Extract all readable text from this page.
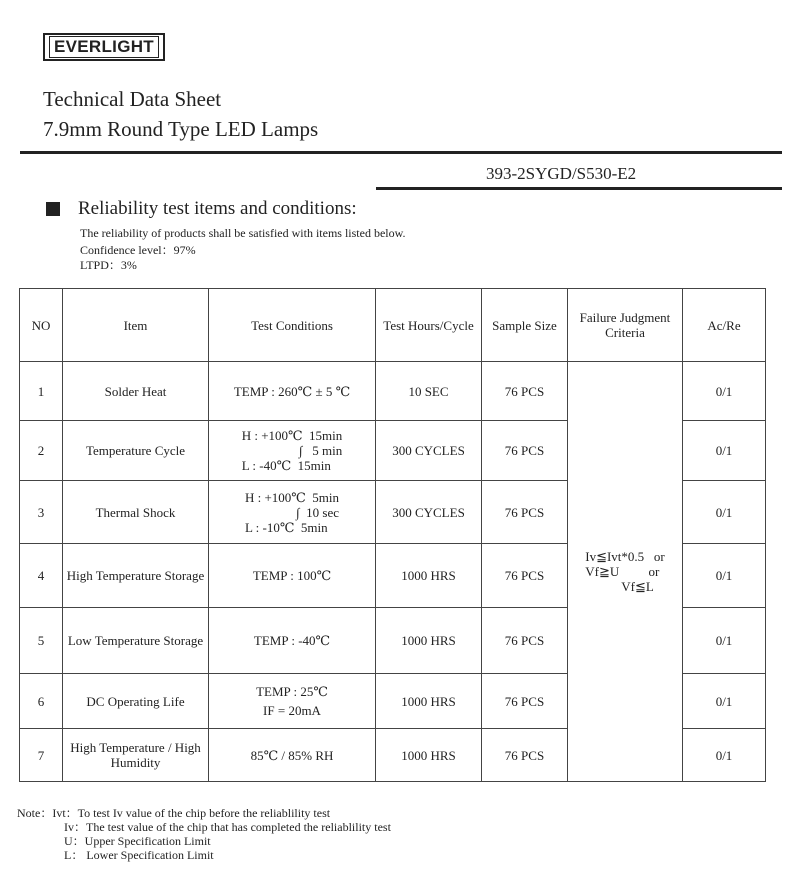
EVERLIGHT
Technical Data Sheet
7.9mm Round Type LED Lamps
393-2SYGD/S530-E2
Reliability test items and conditions:
The reliability of products shall be satisfied with items listed below.
Confidence level：97%
LTPD：3%
NO	Item	Test Conditions	Test Hours/Cycle	Sample Size	Failure Judgment Criteria	Ac/Re
1	Solder Heat	TEMP : 260℃ ± 5 ℃	10 SEC	76 PCS	Iv≦Ivt*0.5   or
Vf≧U         or
Vf≦L	0/1
2	Temperature Cycle	H : +100℃  15min
∫   5 min
L : -40℃  15min	300 CYCLES	76 PCS		0/1
3	Thermal Shock	H : +100℃  5min
∫  10 sec
L : -10℃  5min	300 CYCLES	76 PCS		0/1
4	High Temperature Storage	TEMP : 100℃	1000 HRS	76 PCS		0/1
5	Low Temperature Storage	TEMP : -40℃	1000 HRS	76 PCS		0/1
6	DC Operating Life	TEMP : 25℃
IF = 20mA	1000 HRS	76 PCS		0/1
7	High Temperature / High Humidity	85℃ / 85% RH	1000 HRS	76 PCS		0/1
Note：Ivt：To test Iv value of the chip before the reliablility test
Iv：The test value of the chip that has completed the reliablility test
U：Upper Specification Limit
L： Lower Specification Limit
